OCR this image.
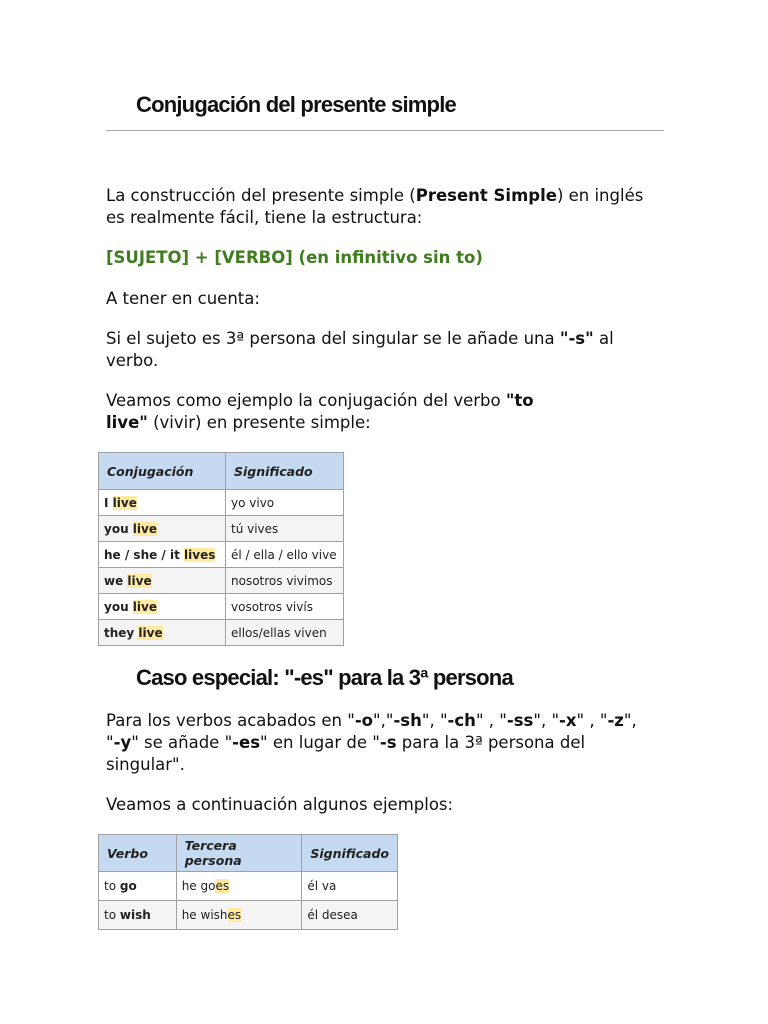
Conjugación del presente simple

La construcción del presente simple (Present Simple) en inglés es realmente fácil, tiene la estructura:

[SUJETO] + [VERBO] (en infinitivo sin to)

A tener en cuenta:

Si el sujeto es 3ª persona del singular se le añade una "-s" al verbo.

Veamos como ejemplo la conjugación del verbo "to live" (vivir) en presente simple:

Conjugación	Significado
I live	yo vivo
you live	tú vives
he / she / it lives	él / ella / ello vive
we live	nosotros vivimos
you live	vosotros vivís
they live	ellos/ellas viven
Caso especial: "-es" para la 3ª persona

Para los verbos acabados en "-o","-sh", "-ch" , "-ss", "-x" , "-z", "-y" se añade "-es" en lugar de "-s para la 3ª persona del singular".

Veamos a continuación algunos ejemplos:

Verbo	Tercera persona	Significado
to go	he goes	él va
to wish	he wishes	él desea
